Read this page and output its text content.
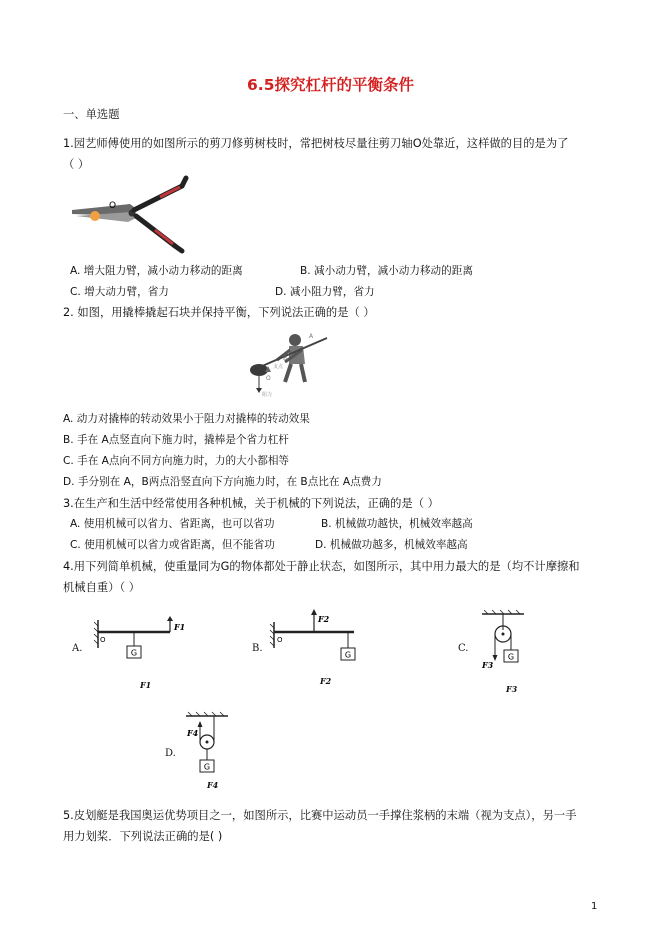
6.5探究杠杆的平衡条件
一、单选题
1.园艺师傅使用的如图所示的剪刀修剪树枝时，常把树枝尽量往剪刀轴O处靠近，这样做的目的是为了
（ ）
O
A. 增大阻力臂，减小动力移动的距离	B. 减小动力臂，减小动力移动的距离
C. 增大动力臂，省力	D. 减小阻力臂，省力
2. 如图，用撬棒撬起石块并保持平衡，下列说法正确的是（ ）
A
B
O
支点
阻力
A. 动力对撬棒的转动效果小于阻力对撬棒的转动效果
B. 手在 A点竖直向下施力时，撬棒是个省力杠杆
C. 手在 A点向不同方向施力时，力的大小都相等
D. 手分别在 A，B两点沿竖直向下方向施力时，在 B点比在 A点费力
3.在生产和生活中经常使用各种机械，关于机械的下列说法，正确的是（ ）
A. 使用机械可以省力、省距离，也可以省功	B. 机械做功越快，机械效率越高
C. 使用机械可以省力或省距离，但不能省功	D. 机械做功越多，机械效率越高
4.用下列简单机械，使重量同为G的物体都处于静止状态，如图所示，其中用力最大的是（均不计摩擦和
机械自重）（ ）
A.	G
O
F1
F1
B.
G
O
F2
F2
C.
G
F3
F3
D.
G
F4
F4
5.皮划艇是我国奥运优势项目之一，如图所示，比赛中运动员一手撑住浆柄的末端（视为支点），另一手
用力划桨．下列说法正确的是( )
1
